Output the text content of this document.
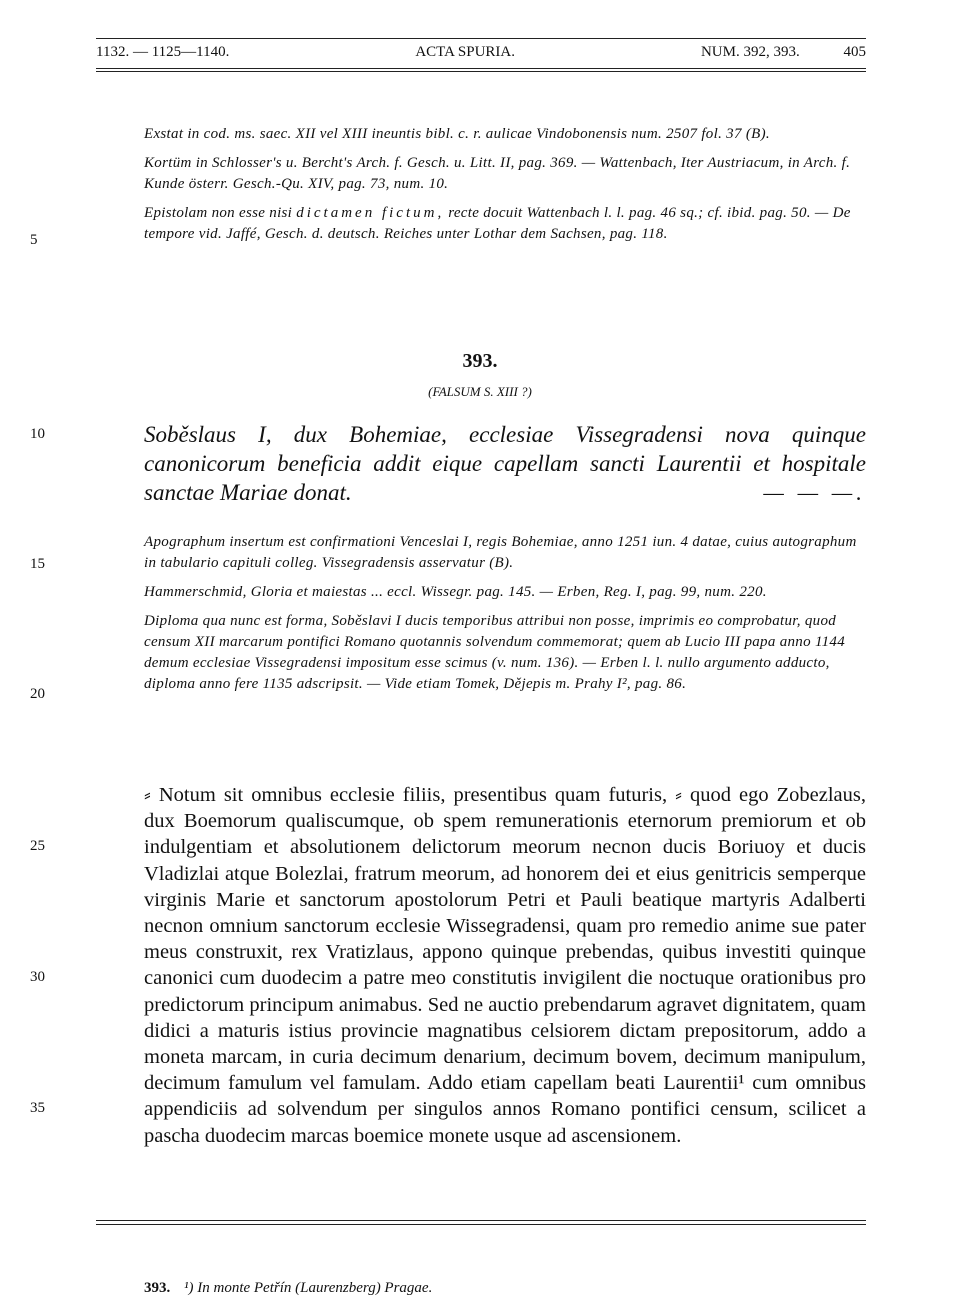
1132. — 1125—1140.	ACTA SPURIA.	NUM. 392, 393.	405

Exstat in cod. ms. saec. XII vel XIII ineuntis bibl. c. r. aulicae Vindobonensis num. 2507 fol. 37 (B).

Kortüm in Schlosser's u. Bercht's Arch. f. Gesch. u. Litt. II, pag. 369. — Wattenbach, Iter Austriacum, in Arch. f. Kunde österr. Gesch.-Qu. XIV, pag. 73, num. 10.

Epistolam non esse nisi dictamen fictum, recte docuit Wattenbach l. l. pag. 46 sq.; cf. ibid. pag. 50. — De tempore vid. Jaffé, Gesch. d. deutsch. Reiches unter Lothar dem Sachsen, pag. 118.

5
10
15
20
25
30
35
393.
(FALSUM S. XIII ?)
Soběslaus I, dux Bohemiae, ecclesiae Vissegradensi nova quinque canonicorum beneficia addit eique capellam sancti Laurentii et hospitale sanctae Mariae donat.	— — —.

Apographum insertum est confirmationi Venceslai I, regis Bohemiae, anno 1251 iun. 4 datae, cuius autographum in tabulario capituli colleg. Vissegradensis asservatur (B).

Hammerschmid, Gloria et maiestas ... eccl. Wissegr. pag. 145. — Erben, Reg. I, pag. 99, num. 220.

Diploma qua nunc est forma, Soběslavi I ducis temporibus attribui non posse, imprimis eo comprobatur, quod censum XII marcarum pontifici Romano quotannis solvendum commemorat; quem ab Lucio III papa anno 1144 demum ecclesiae Vissegradensi impositum esse scimus (v. num. 136). — Erben l. l. nullo argumento adducto, diploma anno fere 1135 adscripsit. — Vide etiam Tomek, Dějepis m. Prahy I², pag. 86.

⸗ Notum sit omnibus ecclesie filiis, presentibus quam futuris, ⸗ quod ego Zobezlaus, dux Boemorum qualiscumque, ob spem remunerationis eternorum premiorum et ob indulgentiam et absolutionem delictorum meorum necnon ducis Boriuoy et ducis Vladizlai atque Bolezlai, fratrum meorum, ad honorem dei et eius genitricis semperque virginis Marie et sanctorum apostolorum Petri et Pauli beatique martyris Adalberti necnon omnium sanctorum ecclesie Wissegradensi, quam pro remedio anime sue pater meus construxit, rex Vratizlaus, appono quinque prebendas, quibus investiti quinque canonici cum duodecim a patre meo constitutis invigilent die noctuque orationibus pro predictorum principum animabus. Sed ne auctio prebendarum agravet dignitatem, quam didici a maturis istius provincie magnatibus celsiorem dictam prepositorum, addo a moneta marcam, in curia decimum denarium, decimum bovem, decimum manipulum, decimum famulum vel famulam. Addo etiam capellam beati Laurentii¹ cum omnibus appendiciis ad solvendum per singulos annos Romano pontifici censum, scilicet a pascha duodecim marcas boemice monete usque ad ascensionem.
393. ¹) In monte Petřín (Laurenzberg) Pragae.
